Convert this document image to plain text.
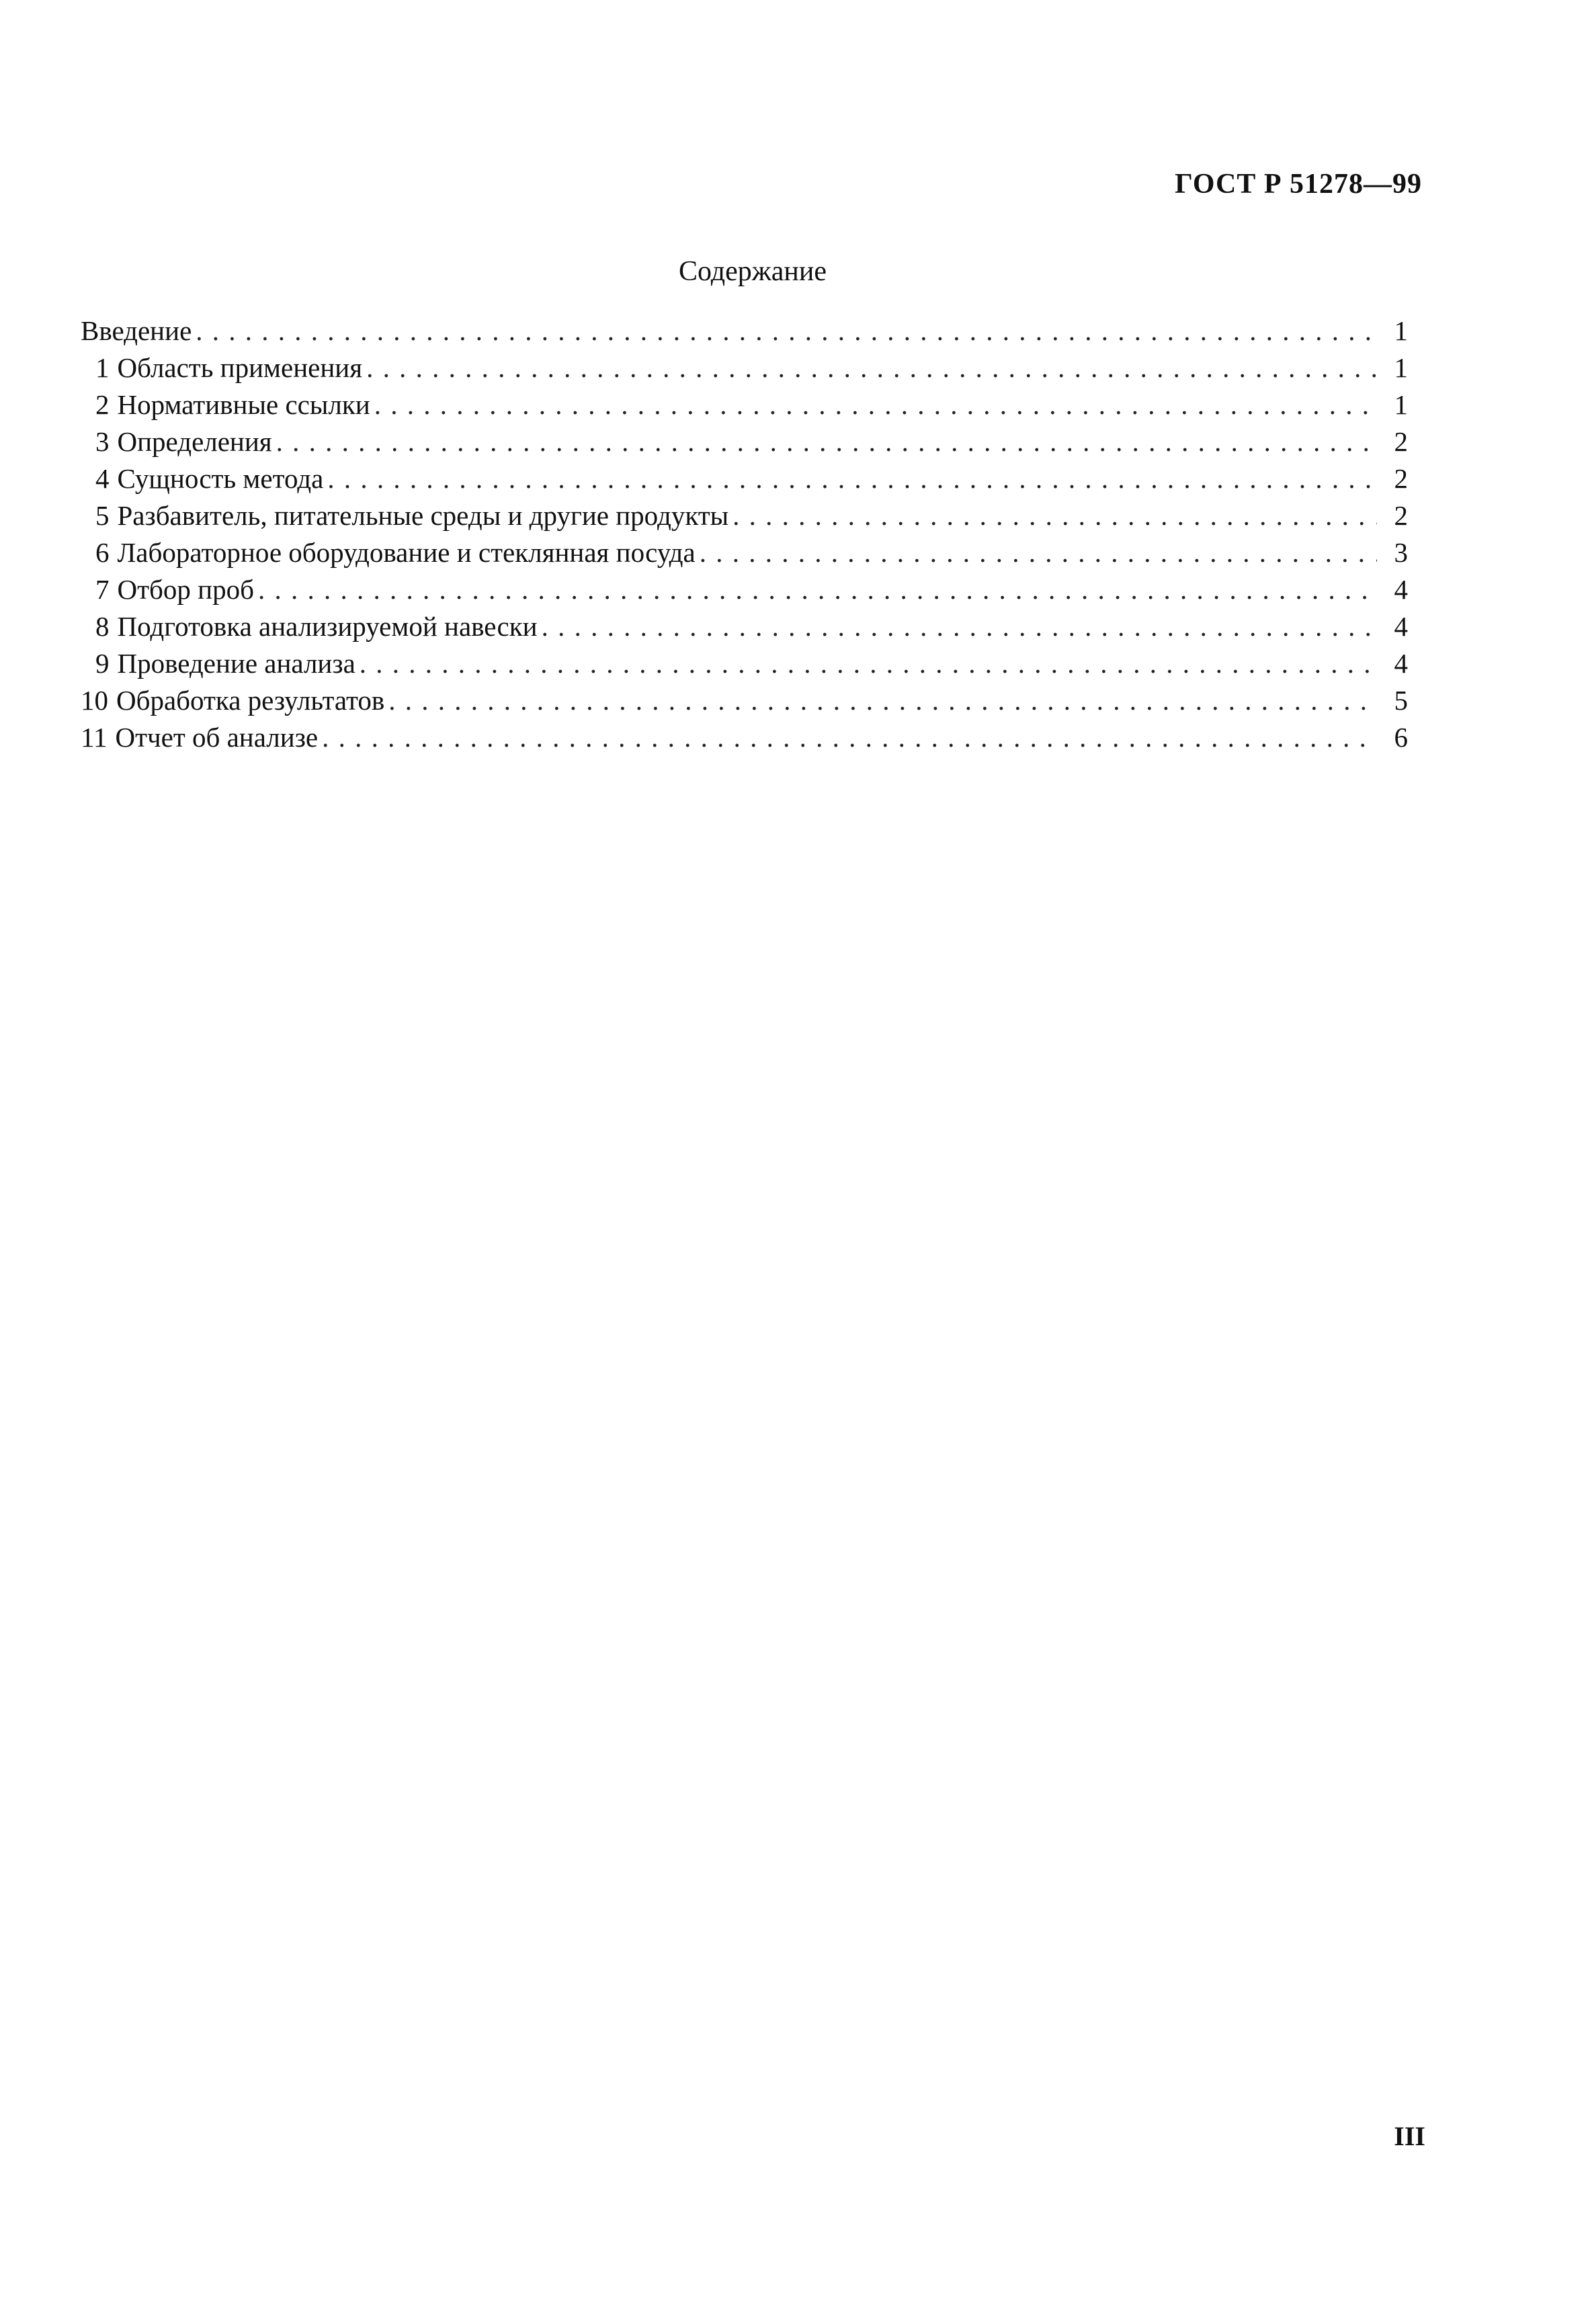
ГОСТ Р 51278—99
Содержание
Введение . . .	1
1 Область применения . . .	1
2 Нормативные ссылки . . .	1
3 Определения . . .	2
4 Сущность метода . . .	2
5 Разбавитель, питательные среды и другие продукты . . .	2
6 Лабораторное оборудование и стеклянная посуда . . .	3
7 Отбор проб . . .	4
8 Подготовка анализируемой навески . . .	4
9 Проведение анализа . . .	4
10 Обработка результатов . . .	5
11 Отчет об анализе . . .	6
III
